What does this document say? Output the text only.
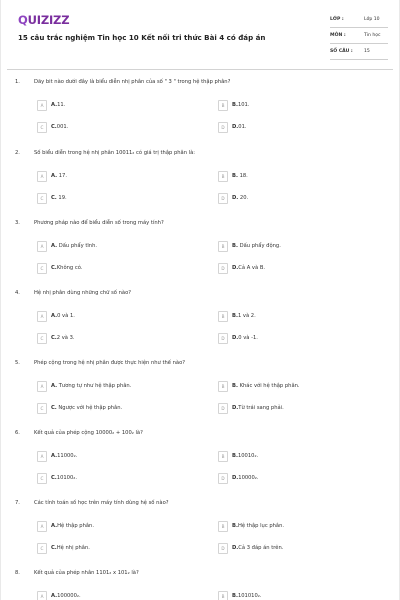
QUIZIZZ
15 câu trắc nghiệm Tin học 10 Kết nối tri thức Bài 4 có đáp án
LỚP :	Lớp 10
MÔN :	Tin học
SỐ CÂU : 15
1.	Dãy bit nào dưới đây là biểu diễn nhị phân của số " 3 " trong hệ thập phân?
A	A.11.	B	B.101.
C	C.001.	D	D.01.
2.	Số biểu diễn trong hệ nhị phân 10011₂ có giá trị thập phân là:
A	A. 17.	B	B. 18.
C	C. 19.	D	D. 20.
3.	Phương pháp nào để biểu diễn số trong máy tính?
A	A. Dấu phẩy tĩnh.	B	B. Dấu phẩy động.
C	C.Không có.	D	D.Cả A và B.
4.	Hệ nhị phân dùng những chữ số nào?
A	A.0 và 1.	B	B.1 và 2.
C	C.2 và 3.	D	D.0 và -1.
5.	Phép cộng trong hệ nhị phân được thực hiện như thế nào?
A	A. Tương tự như hệ thập phân.	B	B. Khác với hệ thập phân.
C	C. Ngược với hệ thập phân.	D	D.Từ trái sang phải.
6.	Kết quả của phép cộng 10000₂ + 100₂ là?
A	A.11000₂.	B	B.10010₂.
C	C.10100₂.	D	D.10000₂.
7.	Các tính toán số học trên máy tính dùng hệ số nào?
A	A.Hệ thập phân.	B	B.Hệ thập lục phân.
C	C.Hệ nhị phân.	D	D.Cả 3 đáp án trên.
8.	Kết quả của phép nhân 1101₂ x 101₂ là?
A	A.100000₂.	B	B.101010₂.
